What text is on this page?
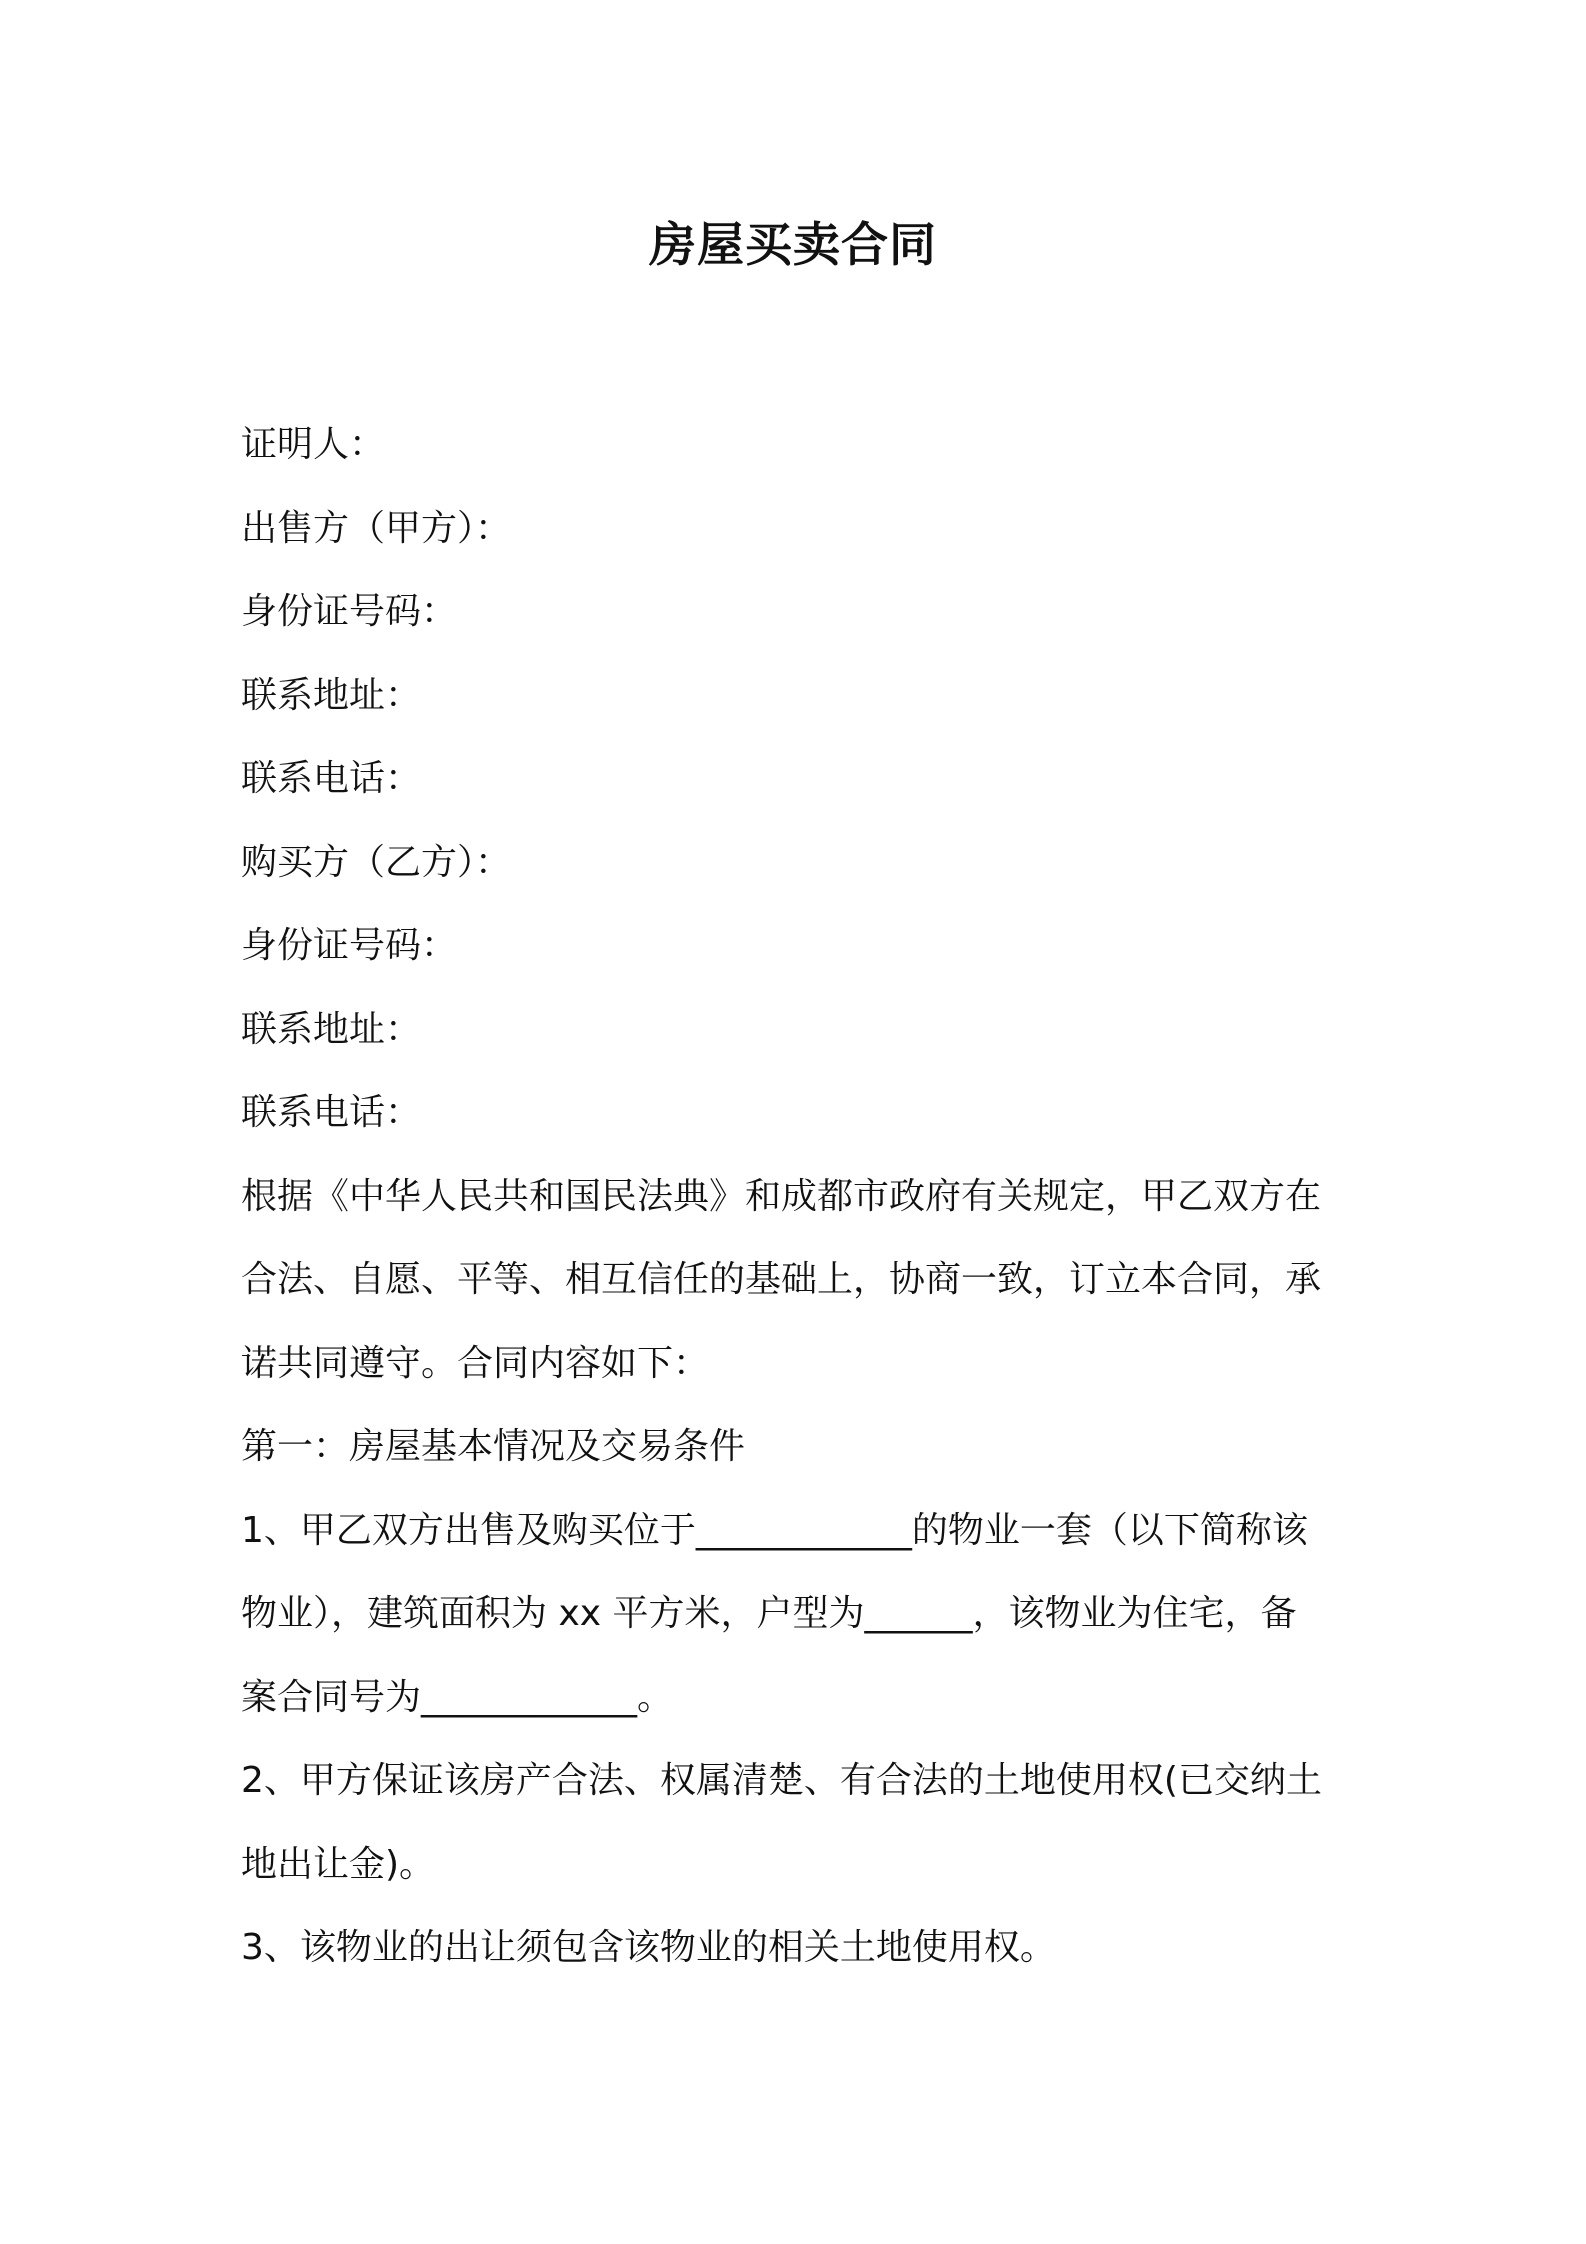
房屋买卖合同

证明人：

出售方（甲方）：

身份证号码：

联系地址：

联系电话：

购买方（乙方）：

身份证号码：

联系地址：

联系电话：

根据《中华人民共和国民法典》和成都市政府有关规定，甲乙双方在

合法、自愿、平等、相互信任的基础上，协商一致，订立本合同，承

诺共同遵守。合同内容如下：

第一：房屋基本情况及交易条件

1、甲乙双方出售及购买位于____________的物业一套（以下简称该

物业），建筑面积为 xx 平方米，户型为______，该物业为住宅，备

案合同号为____________。

2、甲方保证该房产合法、权属清楚、有合法的土地使用权(已交纳土

地出让金)。

3、该物业的出让须包含该物业的相关土地使用权。
